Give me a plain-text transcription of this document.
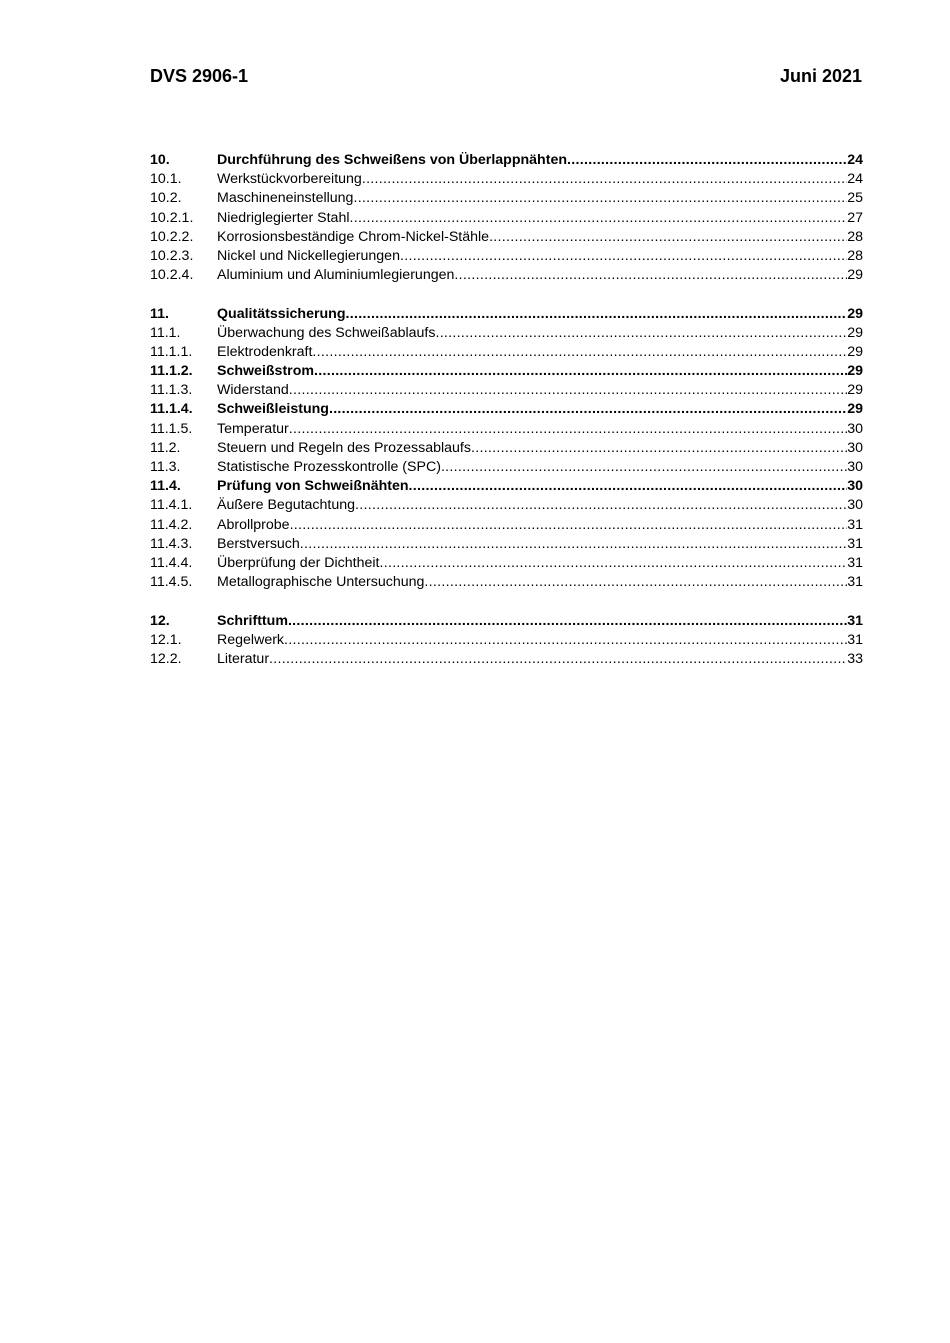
DVS 2906-1	Juni 2021
10.	Durchführung des Schweißens von Überlappnähten .....	24
10.1.	Werkstückvorbereitung .....	24
10.2.	Maschineneinstellung .....	25
10.2.1.	Niedriglegierter Stahl .....	27
10.2.2.	Korrosionsbeständige Chrom-Nickel-Stähle .....	28
10.2.3.	Nickel und Nickellegierungen .....	28
10.2.4.	Aluminium und Aluminiumlegierungen .....	29
11.	Qualitätssicherung .....	29
11.1.	Überwachung des Schweißablaufs .....	29
11.1.1.	Elektrodenkraft .....	29
11.1.2.	Schweißstrom .....	29
11.1.3.	Widerstand .....	29
11.1.4.	Schweißleistung .....	29
11.1.5.	Temperatur .....	30
11.2.	Steuern und Regeln des Prozessablaufs .....	30
11.3.	Statistische Prozesskontrolle (SPC) .....	30
11.4.	Prüfung von Schweißnähten .....	30
11.4.1.	Äußere Begutachtung .....	30
11.4.2.	Abrollprobe .....	31
11.4.3.	Berstversuch .....	31
11.4.4.	Überprüfung der Dichtheit .....	31
11.4.5.	Metallographische Untersuchung .....	31
12.	Schrifttum .....	31
12.1.	Regelwerk .....	31
12.2.	Literatur .....	33
